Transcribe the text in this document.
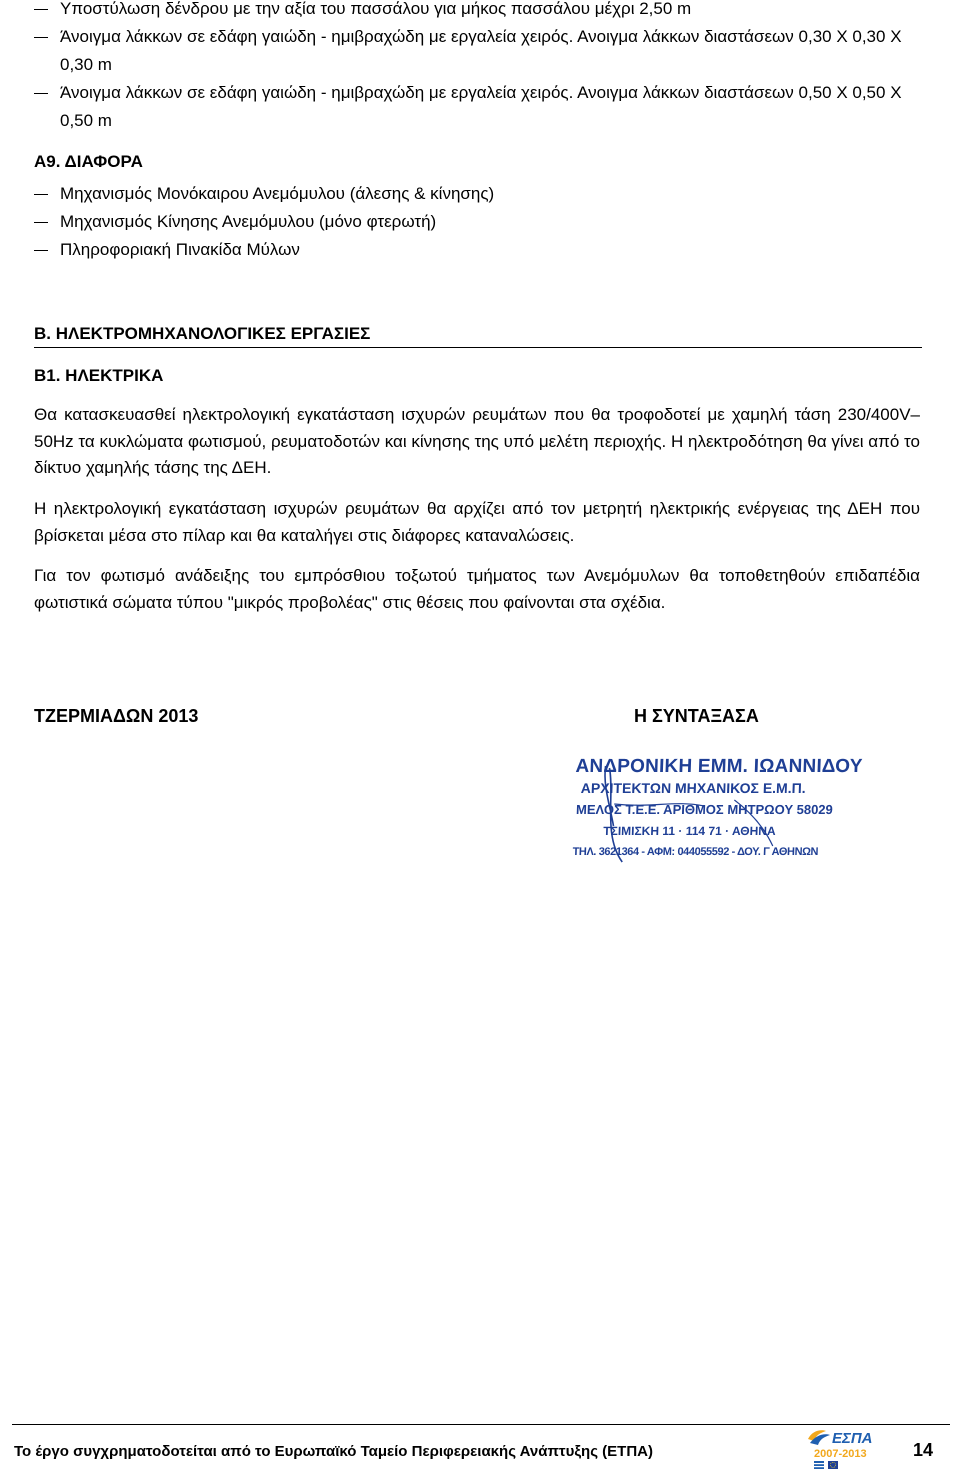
Υποστύλωση δένδρου με την αξία του πασσάλου για μήκος πασσάλου μέχρι 2,50 m
Άνοιγμα λάκκων σε εδάφη γαιώδη - ημιβραχώδη με εργαλεία χειρός. Ανοιγμα λάκκων διαστάσεων 0,30 Χ 0,30 Χ 0,30 m
Άνοιγμα λάκκων σε εδάφη γαιώδη - ημιβραχώδη με εργαλεία χειρός. Ανοιγμα λάκκων διαστάσεων 0,50 Χ 0,50 Χ 0,50 m
Α9. ΔΙΑΦΟΡΑ
Μηχανισμός Μονόκαιρου Ανεμόμυλου (άλεσης & κίνησης)
Μηχανισμός Κίνησης Ανεμόμυλου (μόνο φτερωτή)
Πληροφοριακή Πινακίδα Μύλων
Β. ΗΛΕΚΤΡΟΜΗΧΑΝΟΛΟΓΙΚΕΣ ΕΡΓΑΣΙΕΣ
Β1. ΗΛΕΚΤΡΙΚΑ

Θα κατασκευασθεί ηλεκτρολογική εγκατάσταση ισχυρών ρευμάτων που θα τροφοδοτεί με χαμηλή τάση 230/400V–50Hz τα κυκλώματα φωτισμού, ρευματοδοτών και κίνησης της υπό μελέτη περιοχής. Η ηλεκτροδότηση θα γίνει από το δίκτυο χαμηλής τάσης της ΔΕΗ.

Η ηλεκτρολογική εγκατάσταση ισχυρών ρευμάτων θα αρχίζει από τον μετρητή ηλεκτρικής ενέργειας της ΔΕΗ που βρίσκεται μέσα στο πίλαρ και θα καταλήγει στις διάφορες καταναλώσεις.

Για τον φωτισμό ανάδειξης του εμπρόσθιου τοξωτού τμήματος των Ανεμόμυλων θα τοποθετηθούν επιδαπέδια φωτιστικά σώματα τύπου "μικρός προβολέας" στις θέσεις που φαίνονται στα σχέδια.

ΤΖΕΡΜΙΑΔΩΝ 2013	Η ΣΥΝΤΑΞΑΣΑ
ΑΝΔΡΟΝΙΚΗ ΕΜΜ. ΙΩΑΝΝΙΔΟΥ
ΑΡΧΙΤΕΚΤΩΝ ΜΗΧΑΝΙΚΟΣ Ε.Μ.Π.
ΜΕΛΟΣ Τ.Ε.Ε. ΑΡΙΘΜΟΣ ΜΗΤΡΩΟΥ 58029
ΤΣΙΜΙΣΚΗ 11 · 114 71 · ΑΘΗΝΑ
ΤΗΛ. 3621364 - ΑΦΜ: 044055592 - ΔΟΥ. Γ ΑΘΗΝΩΝ
Το έργο συγχρηματοδοτείται από το Ευρωπαϊκό Ταμείο Περιφερειακής Ανάπτυξης (ΕΤΠΑ)
ΕΣΠΑ
2007-2013	14
